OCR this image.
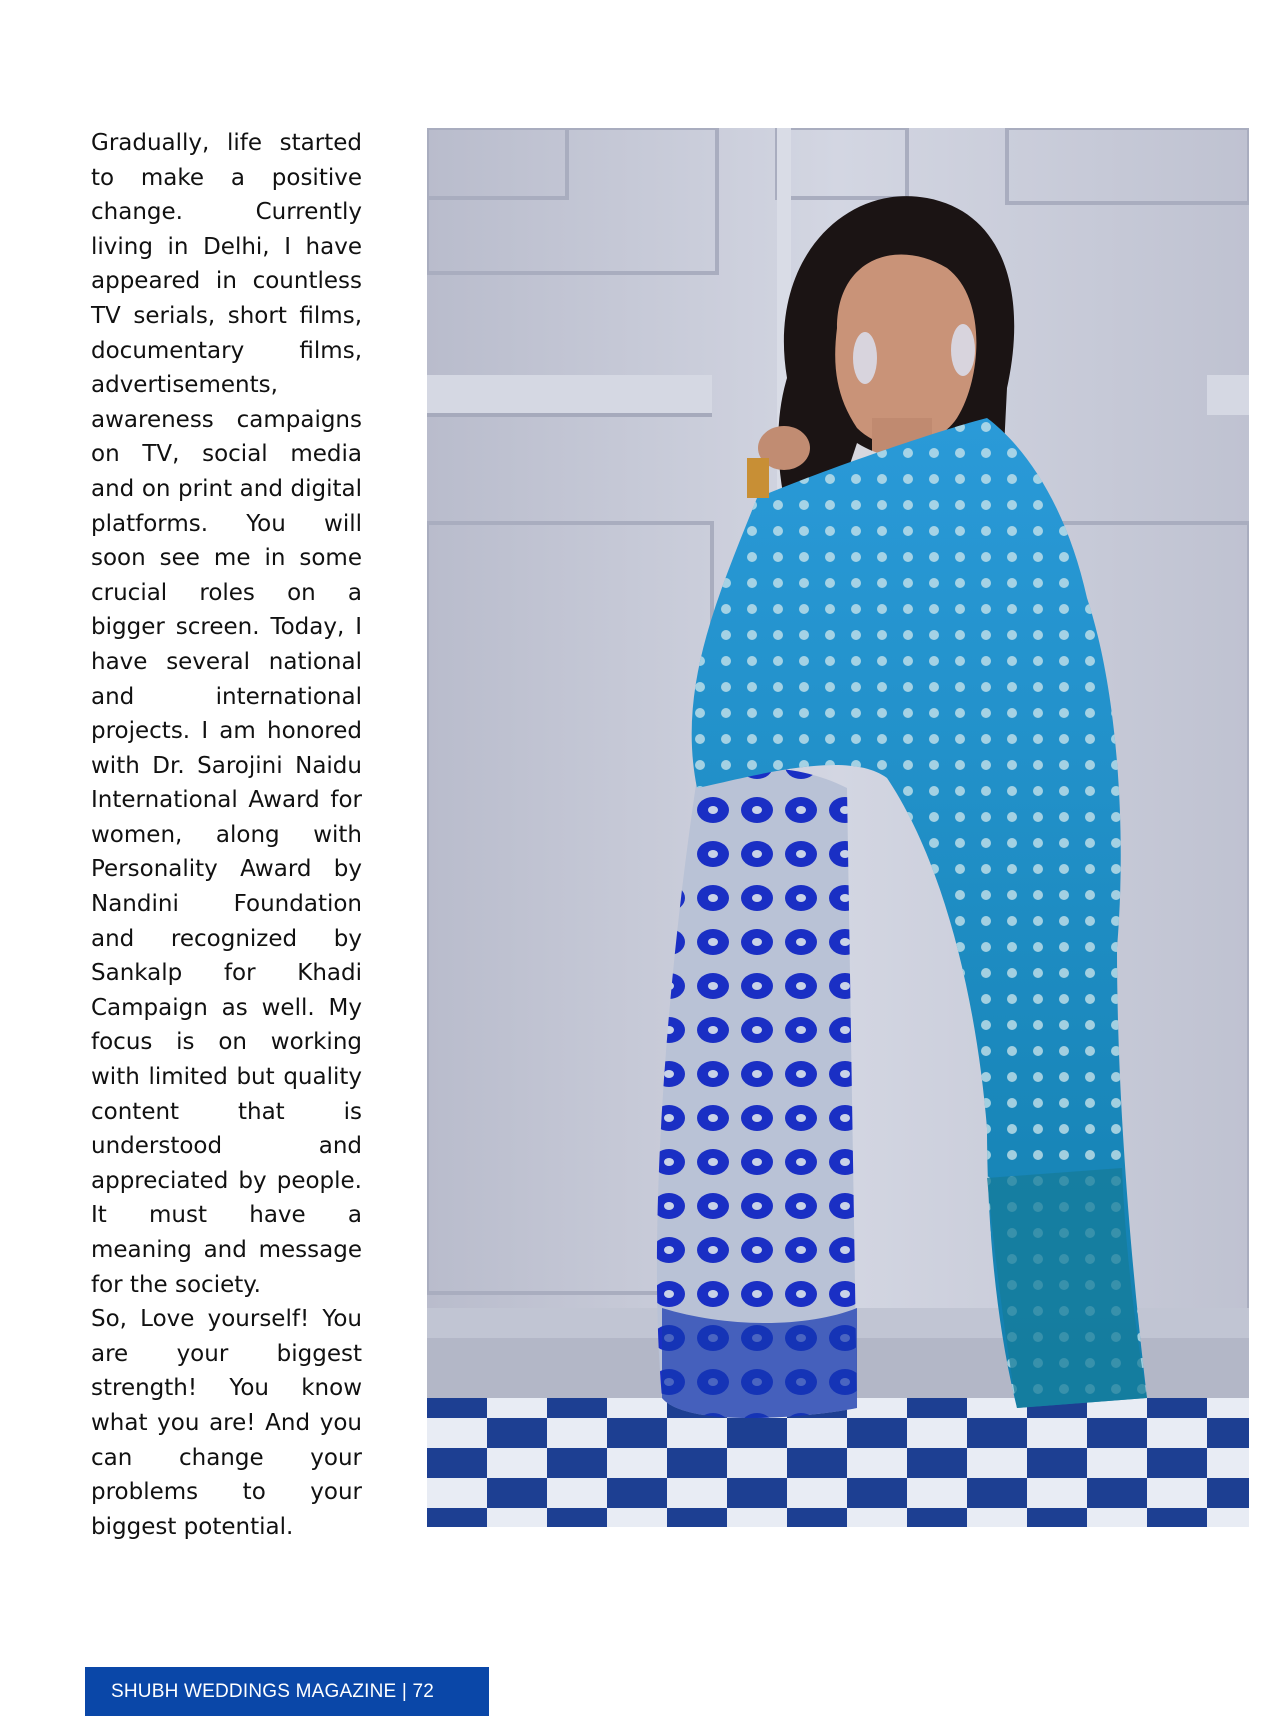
Gradually, life started to make a positive change. Currently living in Delhi, I have appeared in countless TV serials, short films, documentary films, advertisements, awareness campaigns on TV, social media and on print and digital platforms. You will soon see me in some crucial roles on a bigger screen. Today, I have several national and international projects. I am honored with Dr. Sarojini Naidu International Award for women, along with Personality Award by Nandini Foundation and recognized by Sankalp for Khadi Campaign as well. My focus is on working with limited but quality content that is understood and appreciated by people. It must have a meaning and message for the society.

So, Love yourself! You are your biggest strength! You know what you are! And you can change your problems to your biggest potential.

SHUBH WEDDINGS MAGAZINE | 72
